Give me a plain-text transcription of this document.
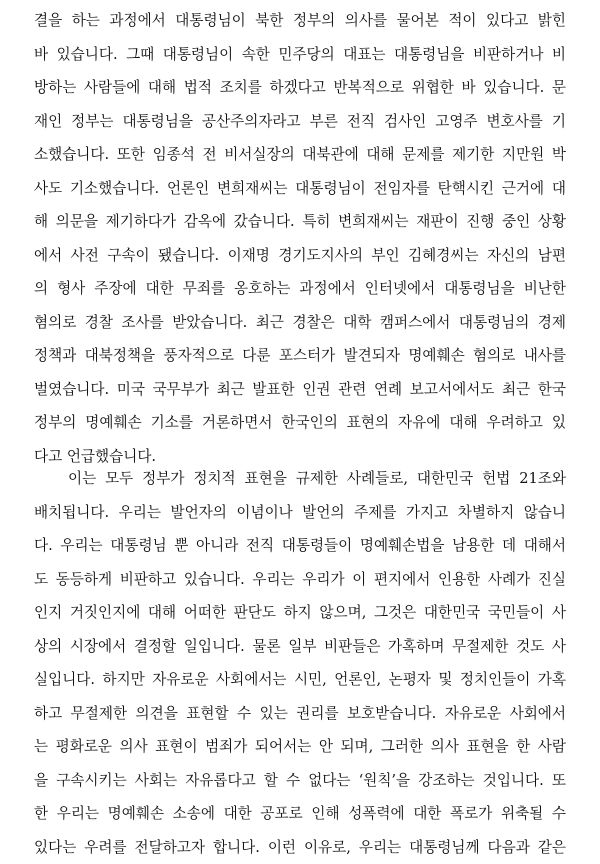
결을 하는 과정에서 대통령님이 북한 정부의 의사를 물어본 적이 있다고 밝힌
바 있습니다. 그때 대통령님이 속한 민주당의 대표는 대통령님을 비판하거나 비
방하는 사람들에 대해 법적 조치를 하겠다고 반복적으로 위협한 바 있습니다. 문
재인 정부는 대통령님을 공산주의자라고 부른 전직 검사인 고영주 변호사를 기
소했습니다. 또한 임종석 전 비서실장의 대북관에 대해 문제를 제기한 지만원 박
사도 기소했습니다. 언론인 변희재씨는 대통령님이 전임자를 탄핵시킨 근거에 대
해 의문을 제기하다가 감옥에 갔습니다. 특히 변희재씨는 재판이 진행 중인 상황
에서 사전 구속이 됐습니다. 이재명 경기도지사의 부인 김혜경씨는 자신의 남편
의 형사 주장에 대한 무죄를 옹호하는 과정에서 인터넷에서 대통령님을 비난한
혐의로 경찰 조사를 받았습니다. 최근 경찰은 대학 캠퍼스에서 대통령님의 경제
정책과 대북정책을 풍자적으로 다룬 포스터가 발견되자 명예훼손 혐의로 내사를
벌였습니다. 미국 국무부가 최근 발표한 인권 관련 연례 보고서에서도 최근 한국
정부의 명예훼손 기소를 거론하면서 한국인의 표현의 자유에 대해 우려하고 있
다고 언급했습니다.
이는 모두 정부가 정치적 표현을 규제한 사례들로, 대한민국 헌법 21조와
배치됩니다. 우리는 발언자의 이념이나 발언의 주제를 가지고 차별하지 않습니
다. 우리는 대통령님 뿐 아니라 전직 대통령들이 명예훼손법을 남용한 데 대해서
도 동등하게 비판하고 있습니다. 우리는 우리가 이 편지에서 인용한 사례가 진실
인지 거짓인지에 대해 어떠한 판단도 하지 않으며, 그것은 대한민국 국민들이 사
상의 시장에서 결정할 일입니다. 물론 일부 비판들은 가혹하며 무절제한 것도 사
실입니다. 하지만 자유로운 사회에서는 시민, 언론인, 논평자 및 정치인들이 가혹
하고 무절제한 의견을 표현할 수 있는 권리를 보호받습니다. 자유로운 사회에서
는 평화로운 의사 표현이 범죄가 되어서는 안 되며, 그러한 의사 표현을 한 사람
을 구속시키는 사회는 자유롭다고 할 수 없다는 ‘원칙’을 강조하는 것입니다. 또
한 우리는 명예훼손 소송에 대한 공포로 인해 성폭력에 대한 폭로가 위축될 수
있다는 우려를 전달하고자 합니다. 이런 이유로, 우리는 대통령님께 다음과 같은
